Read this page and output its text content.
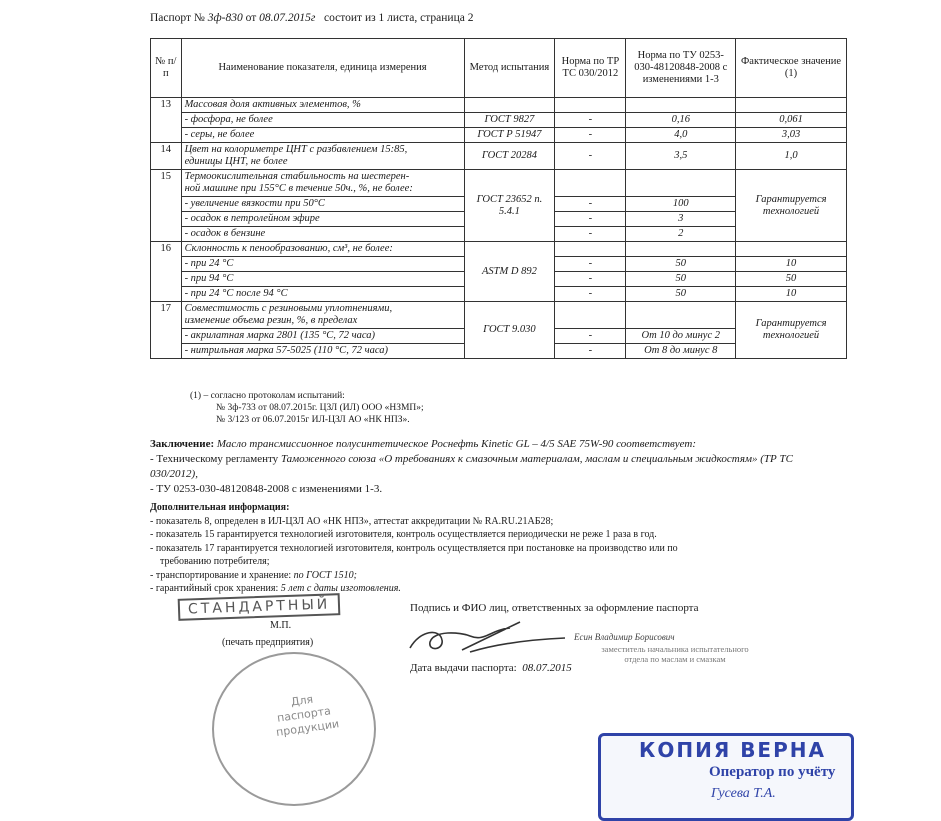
Паспорт № 3ф-830 от 08.07.2015г состоит из 1 листа, страница 2
№ п/п	Наименование показателя, единица измерения	Метод испытания	Норма по ТР ТС 030/2012	Норма по ТУ 0253-030-48120848-2008 с изменениями 1-3	Фактическое значение (1)
13	Массовая доля активных элементов, %				
	- фосфора, не более	ГОСТ 9827	-	0,16	0,061
	- серы, не более	ГОСТ Р 51947	-	4,0	3,03
14	Цвет на колориметре ЦНТ с разбавлением 15:85,
единицы ЦНТ, не более	ГОСТ 20284	-	3,5	1,0
15	Термоокислительная стабильность на шестерен-
ной машине при 155°С в течение 50ч., %, не более:	ГОСТ 23652 п. 5.4.1			Гарантируется технологией
	- увеличение вязкости при 50°С		-	100	
	- осадок в петролейном эфире		-	3	
	- осадок в бензине		-	2	
16	Склонность к пенообразованию, см³, не более:	ASTM D 892			
	- при 24 °С		-	50	10
	- при 94 °С		-	50	50
	- при 24 °С после 94 °С		-	50	10
17	Совместимость с резиновыми уплотнениями,
изменение объема резин, %, в пределах	ГОСТ 9.030			Гарантируется технологией
	- акрилатная марка 2801 (135 °С, 72 часа)		-	От 10 до минус 2	
	- нитрильная марка 57-5025 (110 °С, 72 часа)		-	От 8 до минус 8	
(1) – согласно протоколам испытаний:
№ 3ф-733 от 08.07.2015г. ЦЗЛ (ИЛ) ООО «НЗМП»;
№ 3/123 от 06.07.2015г ИЛ-ЦЗЛ АО «НК НПЗ».
Заключение: Масло трансмиссионное полусинтетическое Роснефть Kinetic GL – 4/5 SAE 75W-90 соответствует:
- Техническому регламенту Таможенного союза «О требованиях к смазочным материалам, маслам и специальным жидкостям» (ТР ТС 030/2012),
- ТУ 0253-030-48120848-2008 с изменениями 1-3.
Дополнительная информация:
- показатель 8, определен в ИЛ-ЦЗЛ АО «НК НПЗ», аттестат аккредитации № RA.RU.21АБ28;
- показатель 15 гарантируется технологией изготовителя, контроль осуществляется периодически не реже 1 раза в год.
- показатель 17 гарантируется технологией изготовителя, контроль осуществляется при постановке на производство или по
требованию потребителя;
- транспортирование и хранение: по ГОСТ 1510;
- гарантийный срок хранения: 5 лет с даты изготовления.
СТАНДАРТНЫЙ
М.П.
(печать предприятия)
Для паспорта продукции
Подпись и ФИО лиц, ответственных за оформление паспорта
Есин Владимир Борисович
заместитель начальника испытательного отдела по маслам и смазкам
Дата выдачи паспорта: 08.07.2015
КОПИЯ ВЕРНА
Оператор по учёту
Гусева Т.А.
